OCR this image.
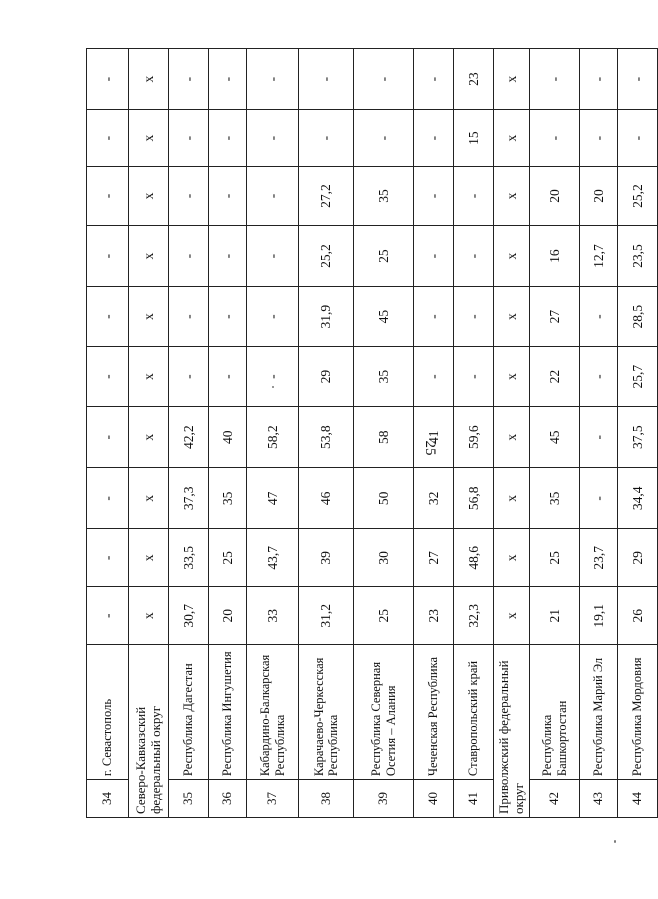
25
34	г. Севастополь	-	-	-	-	-	-	-	-	-	-
Северо-Кавказский федеральный округ		x	x	x	x	x	x	x	x	x	x
35	Республика Дагестан	30,7	33,5	37,3	42,2	-	-	-	-	-	-
36	Республика Ингушетия	20	25	35	40	-	-	-	-	-	-
37	Кабардино-Балкарская Республика	33	43,7	47	58,2	-	-	-	-	-	-
38	Карачаево-Черкесская Республика	31,2	39	46	53,8	29	31,9	25,2	27,2	-	-
39	Республика Северная Осетия – Алания	25	30	50	58	35	45	25	35	-	-
40	Чеченская Республика	23	27	32	41	-	-	-	-	-	-
41	Ставропольский край	32,3	48,6	56,8	59,6	-	-	-	-	15	23
Приволжский федеральный округ		x	x	x	x	x	x	x	x	x	x
42	Республика Башкортостан	21	25	35	45	22	27	16	20	-	-
43	Республика Марий Эл	19,1	23,7	-	-	-	-	12,7	20	-	-
44	Республика Мордовия	26	29	34,4	37,5	25,7	28,5	23,5	25,2	-	-
